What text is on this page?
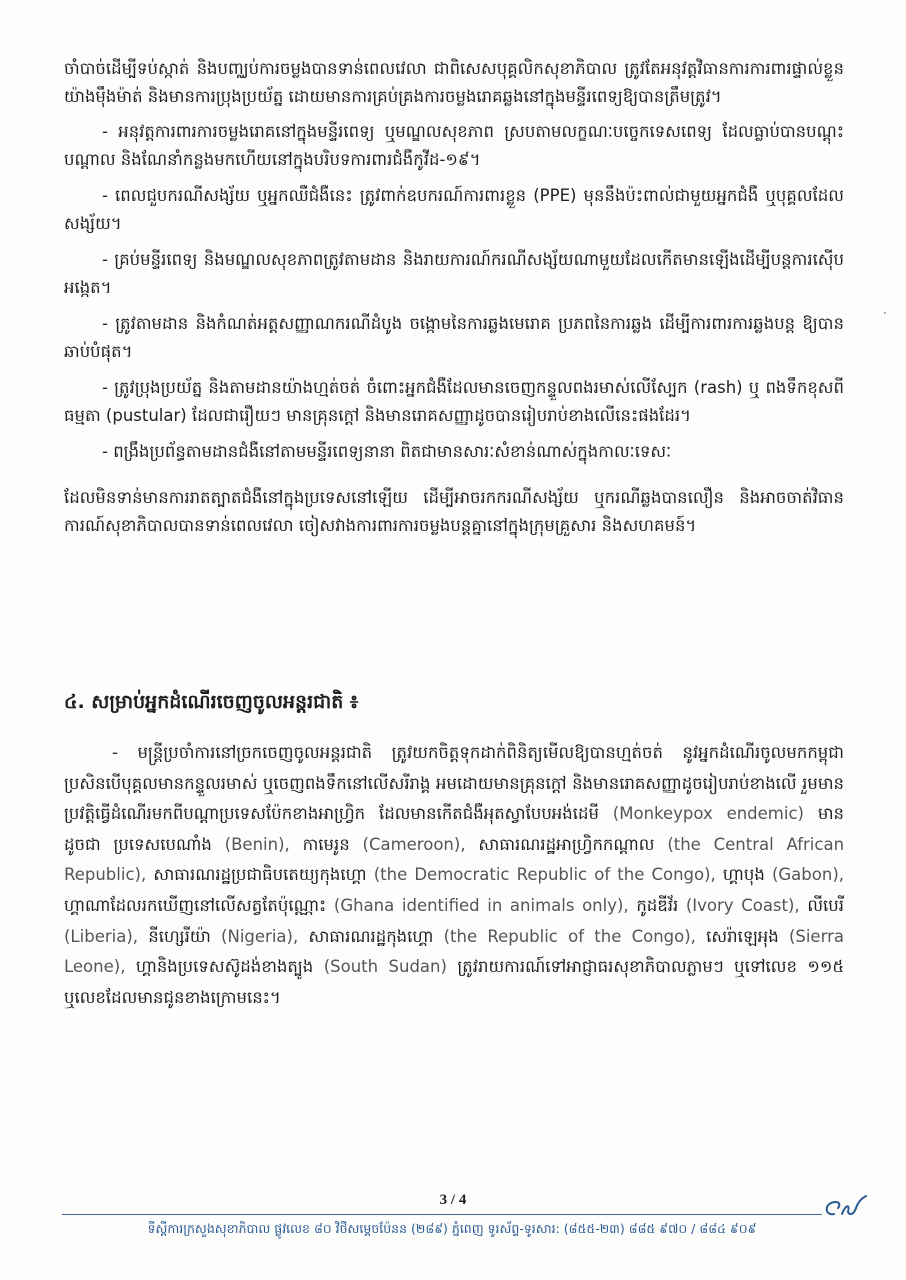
ចាំបាច់ដើម្បីទប់ស្កាត់ និងបញ្ឈប់ការចម្លងបានទាន់ពេលវេលា ជាពិសេសបុគ្គលិកសុខាភិបាល ត្រូវតែអនុវត្តវិធានការការពារផ្ទាល់ខ្លួនយ៉ាងម៉ឹងម៉ាត់ និងមានការប្រុងប្រយ័ត្ន ដោយមានការគ្រប់គ្រងការចម្លងរោគឆ្លងនៅក្នុងមន្ទីរពេទ្យឱ្យបានត្រឹមត្រូវ។

- អនុវត្តការពារការចម្លងរោគនៅក្នុងមន្ទីរពេទ្យ ឬមណ្ឌលសុខភាព ស្របតាមលក្ខណៈបច្ចេកទេសពេទ្យ ដែលធ្លាប់បានបណ្តុះបណ្តាល និងណែនាំកន្លងមកហើយនៅក្នុងបរិបទការពារជំងឺកូវីដ-១៩។

- ពេលជួបករណីសង្ស័យ ឬអ្នកឈឺជំងឺនេះ ត្រូវពាក់ឧបករណ៍ការពារខ្លួន (PPE) មុននឹងប៉ះពាល់ជាមួយអ្នកជំងឺ ឬបុគ្គលដែលសង្ស័យ។

- គ្រប់មន្ទីរពេទ្យ និងមណ្ឌលសុខភាពត្រូវតាមដាន និងរាយការណ៍ករណីសង្ស័យណាមួយដែលកើតមានឡើងដើម្បីបន្តការស៊ើបអង្កេត។

- ត្រូវតាមដាន និងកំណត់អត្តសញ្ញាណករណីដំបូង ចង្កោមនៃការឆ្លងមេរោគ ប្រភពនៃការឆ្លង ដើម្បីការពារការឆ្លងបន្ត ឱ្យបានឆាប់បំផុត។

- ត្រូវប្រុងប្រយ័ត្ន និងតាមដានយ៉ាងហ្មត់ចត់ ចំពោះអ្នកជំងឺដែលមានចេញកន្ទួលពងរមាស់លើស្បែក (rash) ឬ ពងទឹកខុសពីធម្មតា (pustular) ដែលជារឿយៗ មានគ្រុនក្តៅ និងមានរោគសញ្ញាដូចបានរៀបរាប់ខាងលើនេះផងដែរ។

- ពង្រឹងប្រព័ន្ធតាមដានជំងឺនៅតាមមន្ទីរពេទ្យនានា ពិតជាមានសារៈសំខាន់ណាស់ក្នុងកាលៈទេសៈ

ដែលមិនទាន់មានការរាតត្បាតជំងឺនៅក្នុងប្រទេសនៅឡើយ ដើម្បីអាចរកករណីសង្ស័យ ឬករណីឆ្លងបានលឿន និងអាចចាត់វិធានការណ៍សុខាភិបាលបានទាន់ពេលវេលា ចៀសវាងការពារការចម្លងបន្តគ្នានៅក្នុងក្រុមគ្រួសារ និងសហគមន៍។

៤. សម្រាប់អ្នកដំណើរចេញចូលអន្តរជាតិ ៖

- មន្ត្រីប្រចាំការនៅច្រកចេញចូលអន្តរជាតិ ត្រូវយកចិត្តទុកដាក់ពិនិត្យមើលឱ្យបានហ្មត់ចត់ នូវអ្នកដំណើរចូលមកកម្ពុជា ប្រសិនបើបុគ្គលមានកន្ទួលរមាស់ ឬចេញពងទឹកនៅលើសរីរាង្គ អមដោយមានគ្រុនក្តៅ និងមានរោគសញ្ញាដូចរៀបរាប់ខាងលើ រួមមានប្រវត្តិធ្វើដំណើរមកពីបណ្តាប្រទេសប៉ែកខាងអាហ្វ្រិក ដែលមានកើតជំងឺអុតស្វាបែបអង់ដេមី (Monkeypox endemic) មានដូចជា ប្រទេសបេណាំង (Benin), កាមេរូន (Cameroon), សាធារណរដ្ឋអាហ្វ្រិកកណ្តាល (the Central African Republic), សាធារណរដ្ឋប្រជាធិបតេយ្យកុងហ្គោ (the Democratic Republic of the Congo), ហ្គាបុង (Gabon), ហ្គាណាដែលរកឃើញនៅលើសត្វតែប៉ុណ្ណោះ (Ghana identified in animals only), កូដឌីវ័រ (Ivory Coast), លីបេរី (Liberia), នីហ្សេរីយ៉ា (Nigeria), សាធារណរដ្ឋកុងហ្គោ (the Republic of the Congo), សេរ៉ាឡេអុង (Sierra Leone), ហ្គានិងប្រទេសស៊ូដង់ខាងត្បូង (South Sudan) ត្រូវរាយការណ៍ទៅអាជ្ញាធរសុខាភិបាលភ្លាមៗ ឬទៅលេខ ១១៥ ឬលេខដែលមានជូនខាងក្រោមនេះ។

3 / 4
ទីស្តីការក្រសួងសុខាភិបាល ផ្លូវលេខ ៨០ វិថីសម្តេចប៉ែនន (២៨៩) ភ្នំពេញ ទូរស័ព្ទ-ទូរសារ: (៨៥៥-២៣) ៨៨៥ ៩៧០ / ៨៨៤ ៩០៩
